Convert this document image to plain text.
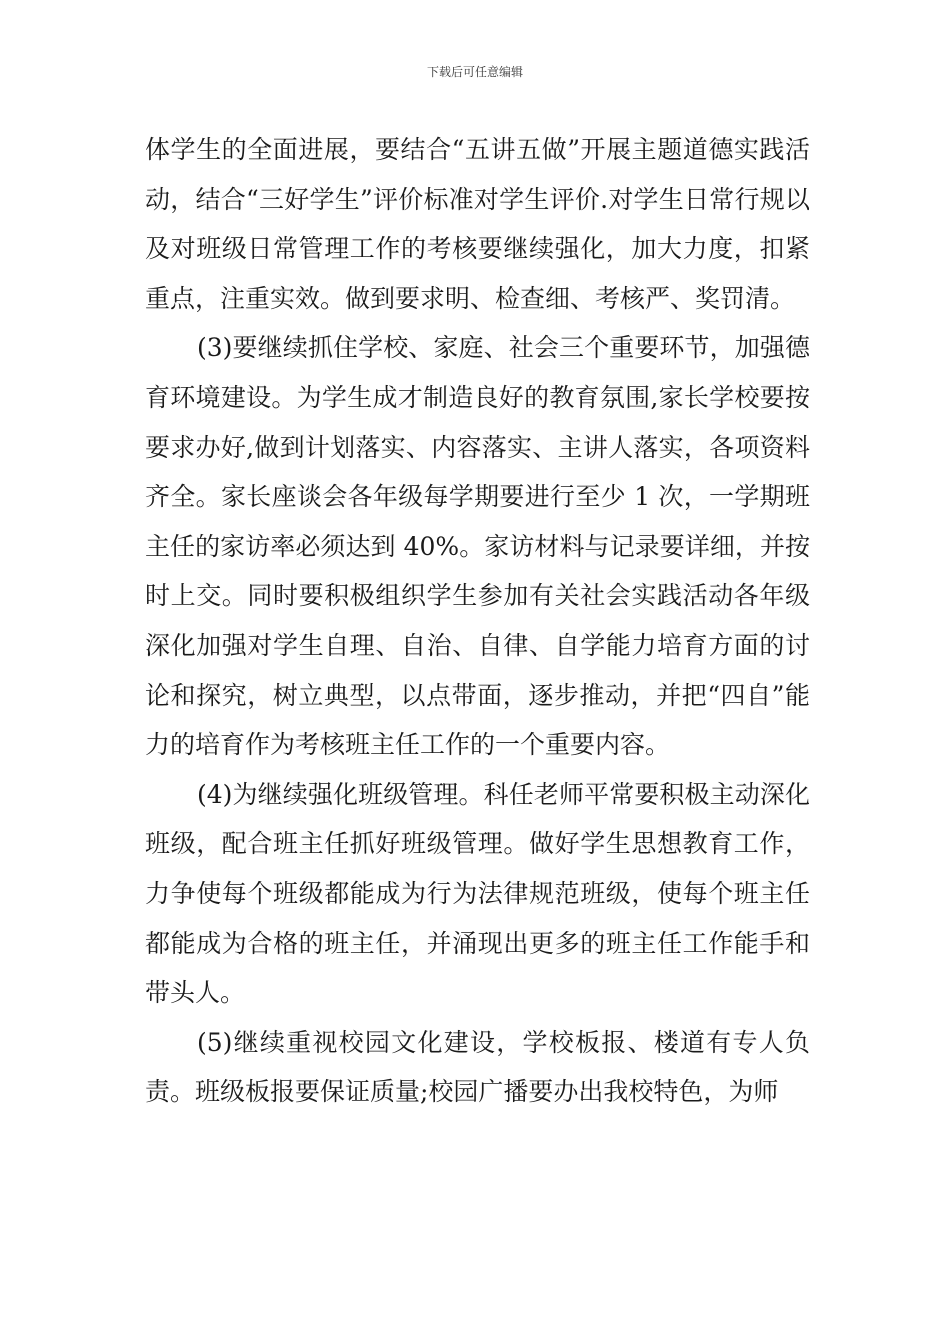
下载后可任意编辑

体学生的全面进展，要结合“五讲五做”开展主题道德实践活动，结合“三好学生”评价标准对学生评价.对学生日常行规以及对班级日常管理工作的考核要继续强化，加大力度，扣紧重点，注重实效。做到要求明、检查细、考核严、奖罚清。

(3)要继续抓住学校、家庭、社会三个重要环节，加强德育环境建设。为学生成才制造良好的教育氛围,家长学校要按要求办好,做到计划落实、内容落实、主讲人落实，各项资料齐全。家长座谈会各年级每学期要进行至少 1 次，一学期班主任的家访率必须达到 40%。家访材料与记录要详细，并按时上交。同时要积极组织学生参加有关社会实践活动各年级深化加强对学生自理、自治、自律、自学能力培育方面的讨论和探究，树立典型，以点带面，逐步推动，并把“四自”能力的培育作为考核班主任工作的一个重要内容。

(4)为继续强化班级管理。科任老师平常要积极主动深化班级，配合班主任抓好班级管理。做好学生思想教育工作，力争使每个班级都能成为行为法律规范班级，使每个班主任都能成为合格的班主任，并涌现出更多的班主任工作能手和带头人。

(5)继续重视校园文化建设，学校板报、楼道有专人负责。班级板报要保证质量;校园广播要办出我校特色，为师
